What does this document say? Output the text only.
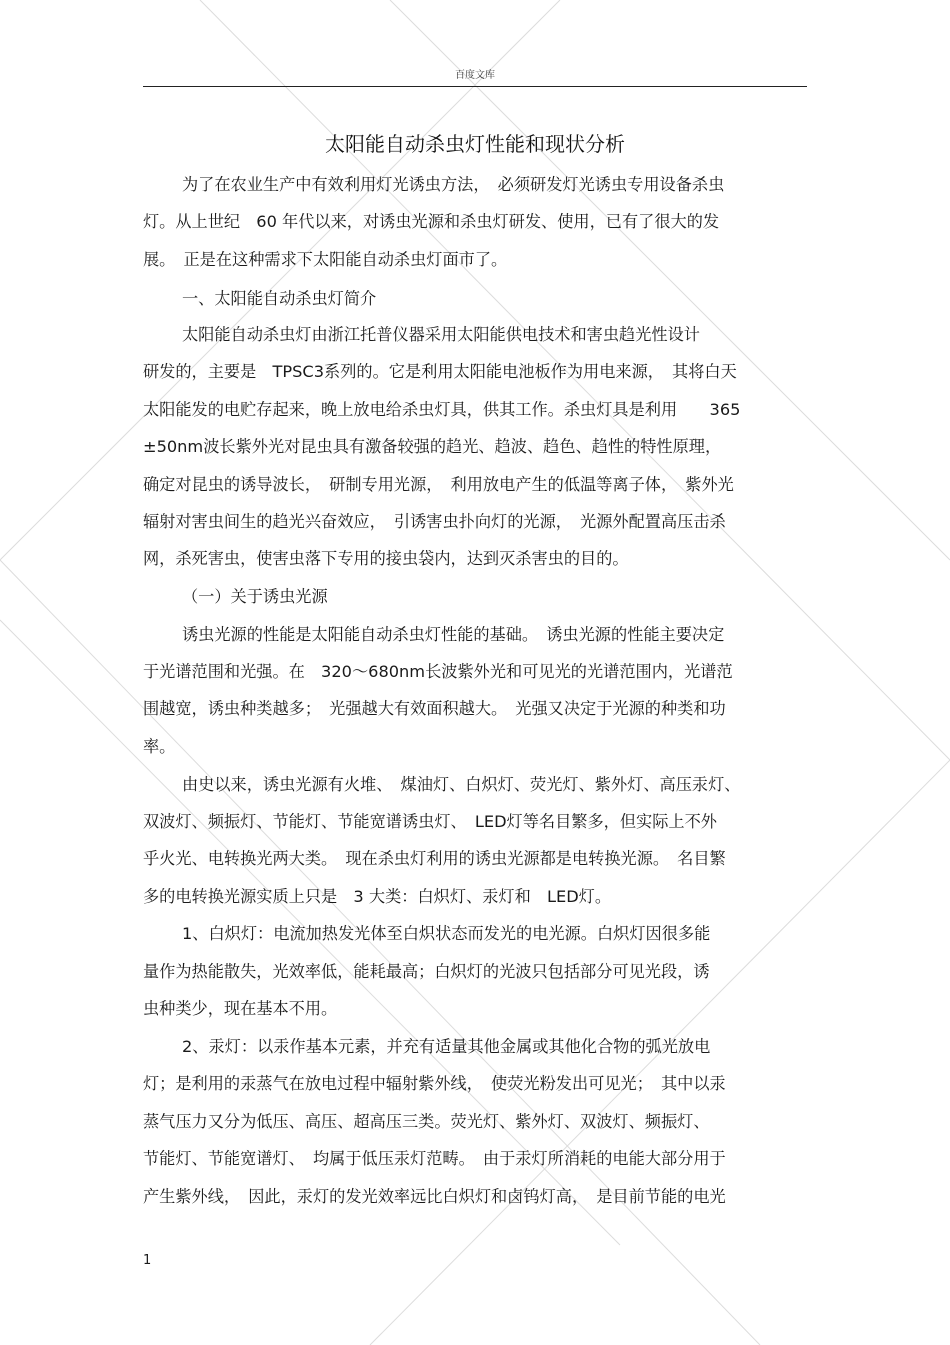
百度文库
太阳能自动杀虫灯性能和现状分析
为了在农业生产中有效利用灯光诱虫方法，　必须研发灯光诱虫专用设备杀虫
灯。从上世纪　60 年代以来，对诱虫光源和杀虫灯研发、使用，已有了很大的发
展。　正是在这种需求下太阳能自动杀虫灯面市了。
一、太阳能自动杀虫灯简介
太阳能自动杀虫灯由浙江托普仪器采用太阳能供电技术和害虫趋光性设计
研发的，主要是　TPSC3系列的。它是利用太阳能电池板作为用电来源，　其将白天
太阳能发的电贮存起来，晚上放电给杀虫灯具，供其工作。杀虫灯具是利用　　365
±50nm波长紫外光对昆虫具有激备较强的趋光、趋波、趋色、趋性的特性原理，
确定对昆虫的诱导波长，　研制专用光源，　利用放电产生的低温等离子体，　紫外光
辐射对害虫间生的趋光兴奋效应，　引诱害虫扑向灯的光源，　光源外配置高压击杀
网，杀死害虫，使害虫落下专用的接虫袋内，达到灭杀害虫的目的。
（一）关于诱虫光源
诱虫光源的性能是太阳能自动杀虫灯性能的基础。　诱虫光源的性能主要决定
于光谱范围和光强。在　320～680nm长波紫外光和可见光的光谱范围内，光谱范
围越宽，诱虫种类越多；　光强越大有效面积越大。　光强又决定于光源的种类和功
率。
由史以来，诱虫光源有火堆、　煤油灯、白炽灯、荧光灯、紫外灯、高压汞灯、
双波灯、频振灯、节能灯、节能宽谱诱虫灯、　LED灯等名目繁多，但实际上不外
乎火光、电转换光两大类。　现在杀虫灯利用的诱虫光源都是电转换光源。　名目繁
多的电转换光源实质上只是　3 大类：白炽灯、汞灯和　LED灯。
1、白炽灯：电流加热发光体至白炽状态而发光的电光源。白炽灯因很多能
量作为热能散失，光效率低，能耗最高；白炽灯的光波只包括部分可见光段，诱
虫种类少，现在基本不用。
2、汞灯：以汞作基本元素，并充有适量其他金属或其他化合物的弧光放电
灯；是利用的汞蒸气在放电过程中辐射紫外线，　使荧光粉发出可见光；　其中以汞
蒸气压力又分为低压、高压、超高压三类。荧光灯、紫外灯、双波灯、频振灯、
节能灯、节能宽谱灯、　均属于低压汞灯范畴。　由于汞灯所消耗的电能大部分用于
产生紫外线，　因此，汞灯的发光效率远比白炽灯和卤钨灯高，　是目前节能的电光
1
